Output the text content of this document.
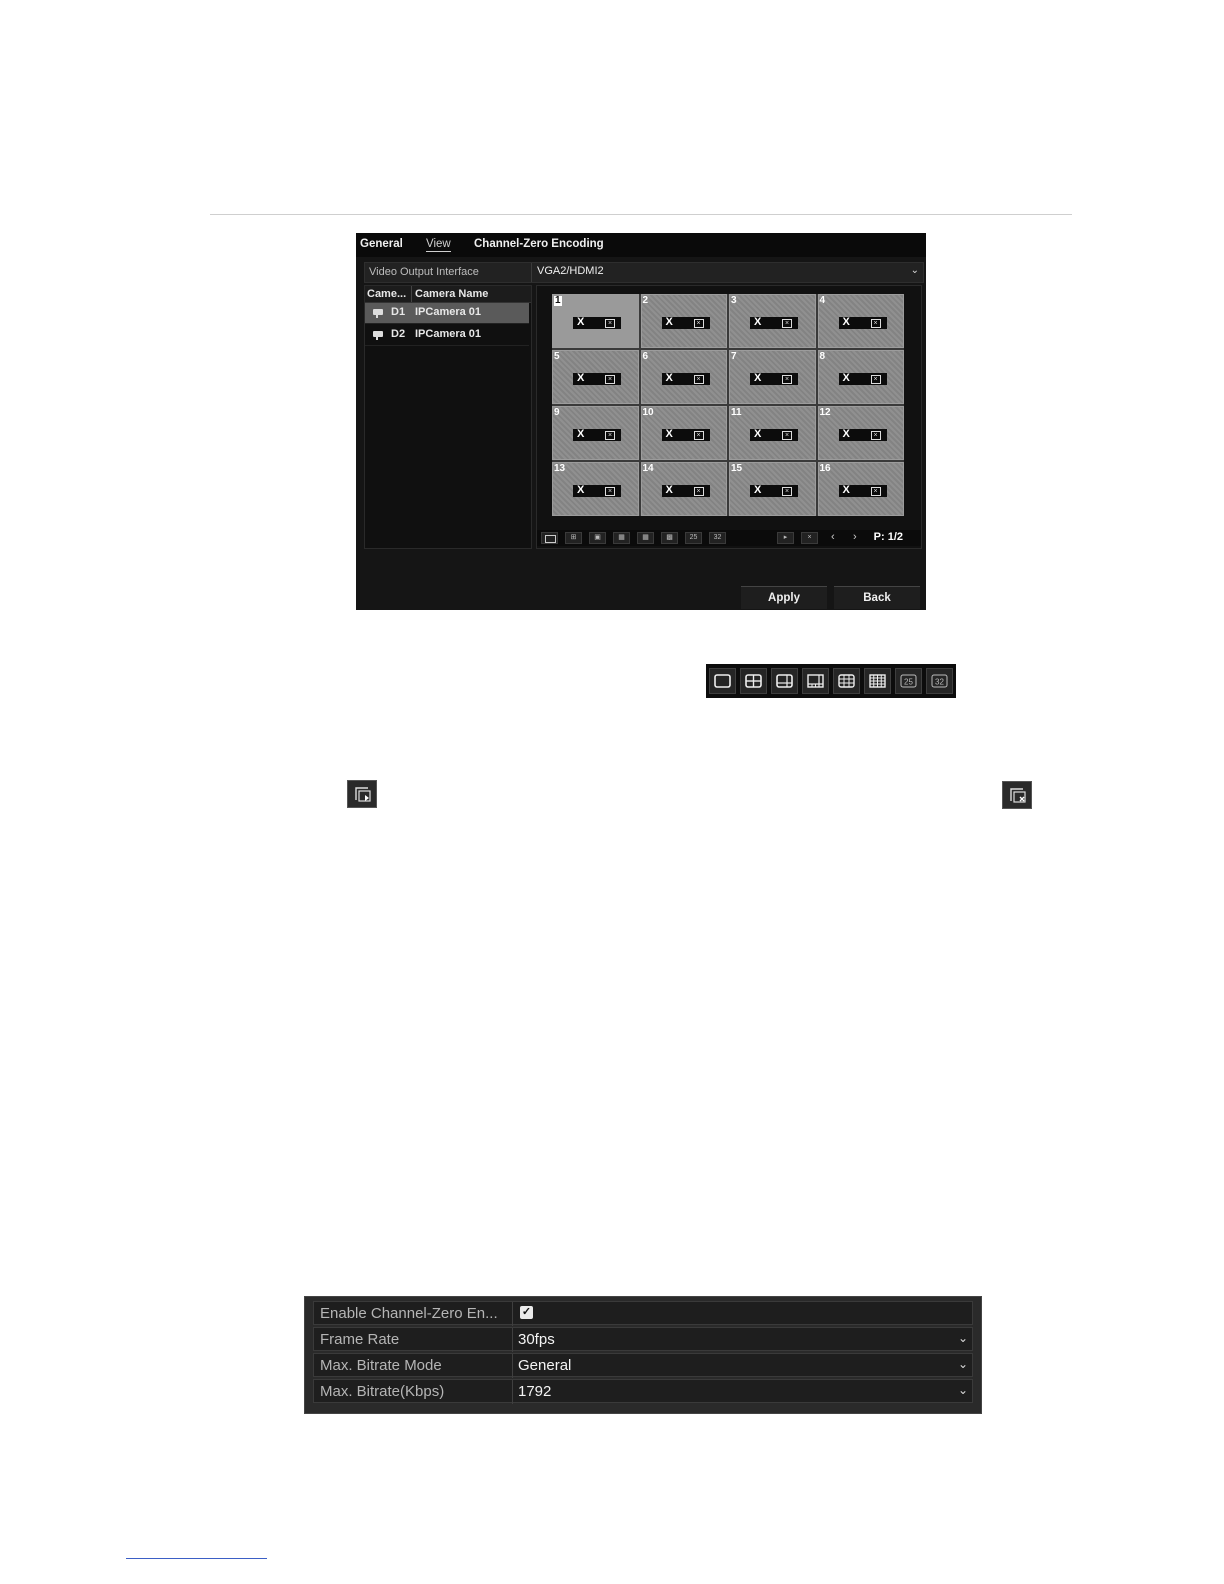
General View Channel-Zero Encoding
Video Output Interface	VGA2/HDMI2	⌄
Came... Camera Name
D1 IPCamera 01
D2 IPCamera 01
1
X	×
2
X	×
3
X	×
4
X	×
5
X	×
6
X	×
7
X	×
8
X	×
9
X	×
10
X	×
11
X	×
12
X	×
13
X	×
14
X	×
15
X	×
16
X	×
⊞	▣	▦	▦	▩	25	32	▸	×	‹ › P: 1/2
Apply	Back
25	32
Enable Channel-Zero En... ✓
Frame Rate	30fps	⌄
Max. Bitrate Mode	General	⌄
Max. Bitrate(Kbps)	1792	⌄
